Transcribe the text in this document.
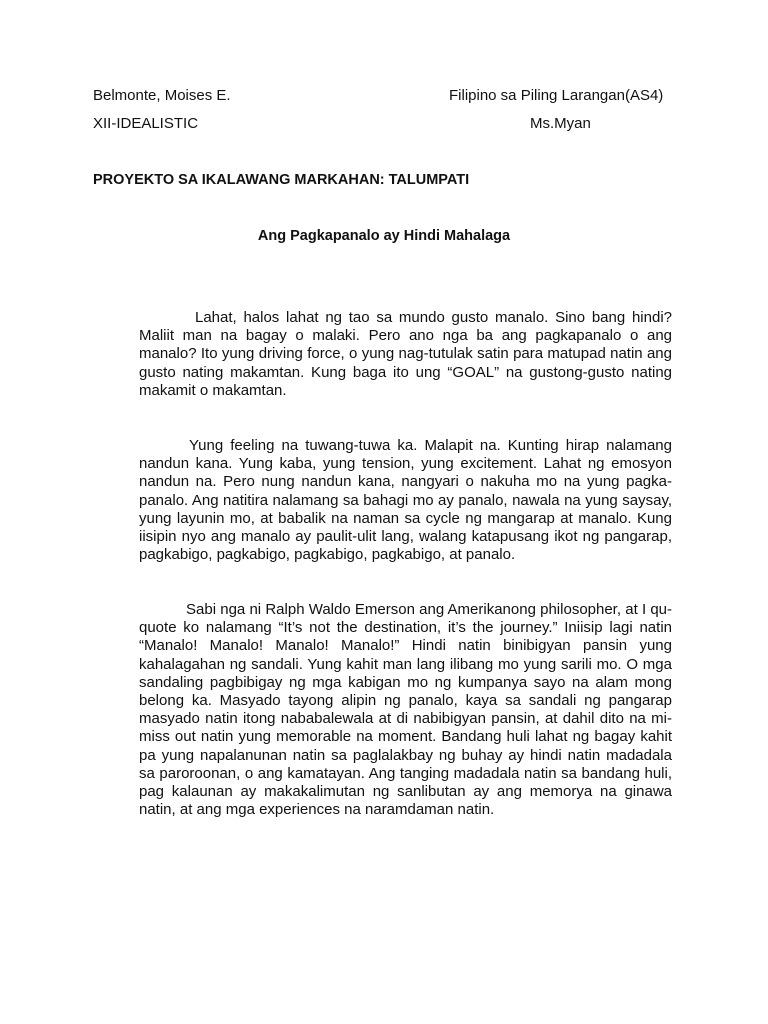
Belmonte, Moises E.	Filipino sa Piling Larangan(AS4)
XII-IDEALISTIC	Ms.Myan
PROYEKTO SA IKALAWANG MARKAHAN: TALUMPATI
Ang Pagkapanalo ay Hindi Mahalaga

Lahat, halos lahat ng tao sa mundo gusto manalo. Sino bang hindi? Maliit man na bagay o malaki. Pero ano nga ba ang pagkapanalo o ang manalo? Ito yung driving force, o yung nag-tutulak satin para matupad natin ang gusto nating makamtan. Kung baga ito ung “GOAL” na gustong-gusto nating makamit o makamtan.

Yung feeling na tuwang-tuwa ka. Malapit na. Kunting hirap nalamang nandun kana. Yung kaba, yung tension, yung excitement. Lahat ng emosyon nandun na. Pero nung nandun kana, nangyari o nakuha mo na yung pagka-panalo. Ang natitira nalamang sa bahagi mo ay panalo, nawala na yung saysay, yung layunin mo, at babalik na naman sa cycle ng mangarap at manalo. Kung iisipin nyo ang manalo ay paulit-ulit lang, walang katapusang ikot ng pangarap, pagkabigo, pagkabigo, pagkabigo, pagkabigo, at panalo.

Sabi nga ni Ralph Waldo Emerson ang Amerikanong philosopher, at I qu-quote ko nalamang “It’s not the destination, it’s the journey.” Iniisip lagi natin “Manalo! Manalo! Manalo! Manalo!” Hindi natin binibigyan pansin yung kahalagahan ng sandali. Yung kahit man lang ilibang mo yung sarili mo. O mga sandaling pagbibigay ng mga kabigan mo ng kumpanya sayo na alam mong belong ka. Masyado tayong alipin ng panalo, kaya sa sandali ng pangarap masyado natin itong nababalewala at di nabibigyan pansin, at dahil dito na mi-miss out natin yung memorable na moment. Bandang huli lahat ng bagay kahit pa yung napalanunan natin sa paglalakbay ng buhay ay hindi natin madadala sa paroroonan, o ang kamatayan. Ang tanging madadala natin sa bandang huli, pag kalaunan ay makakalimutan ng sanlibutan ay ang memorya na ginawa natin, at ang mga experiences na naramdaman natin.
